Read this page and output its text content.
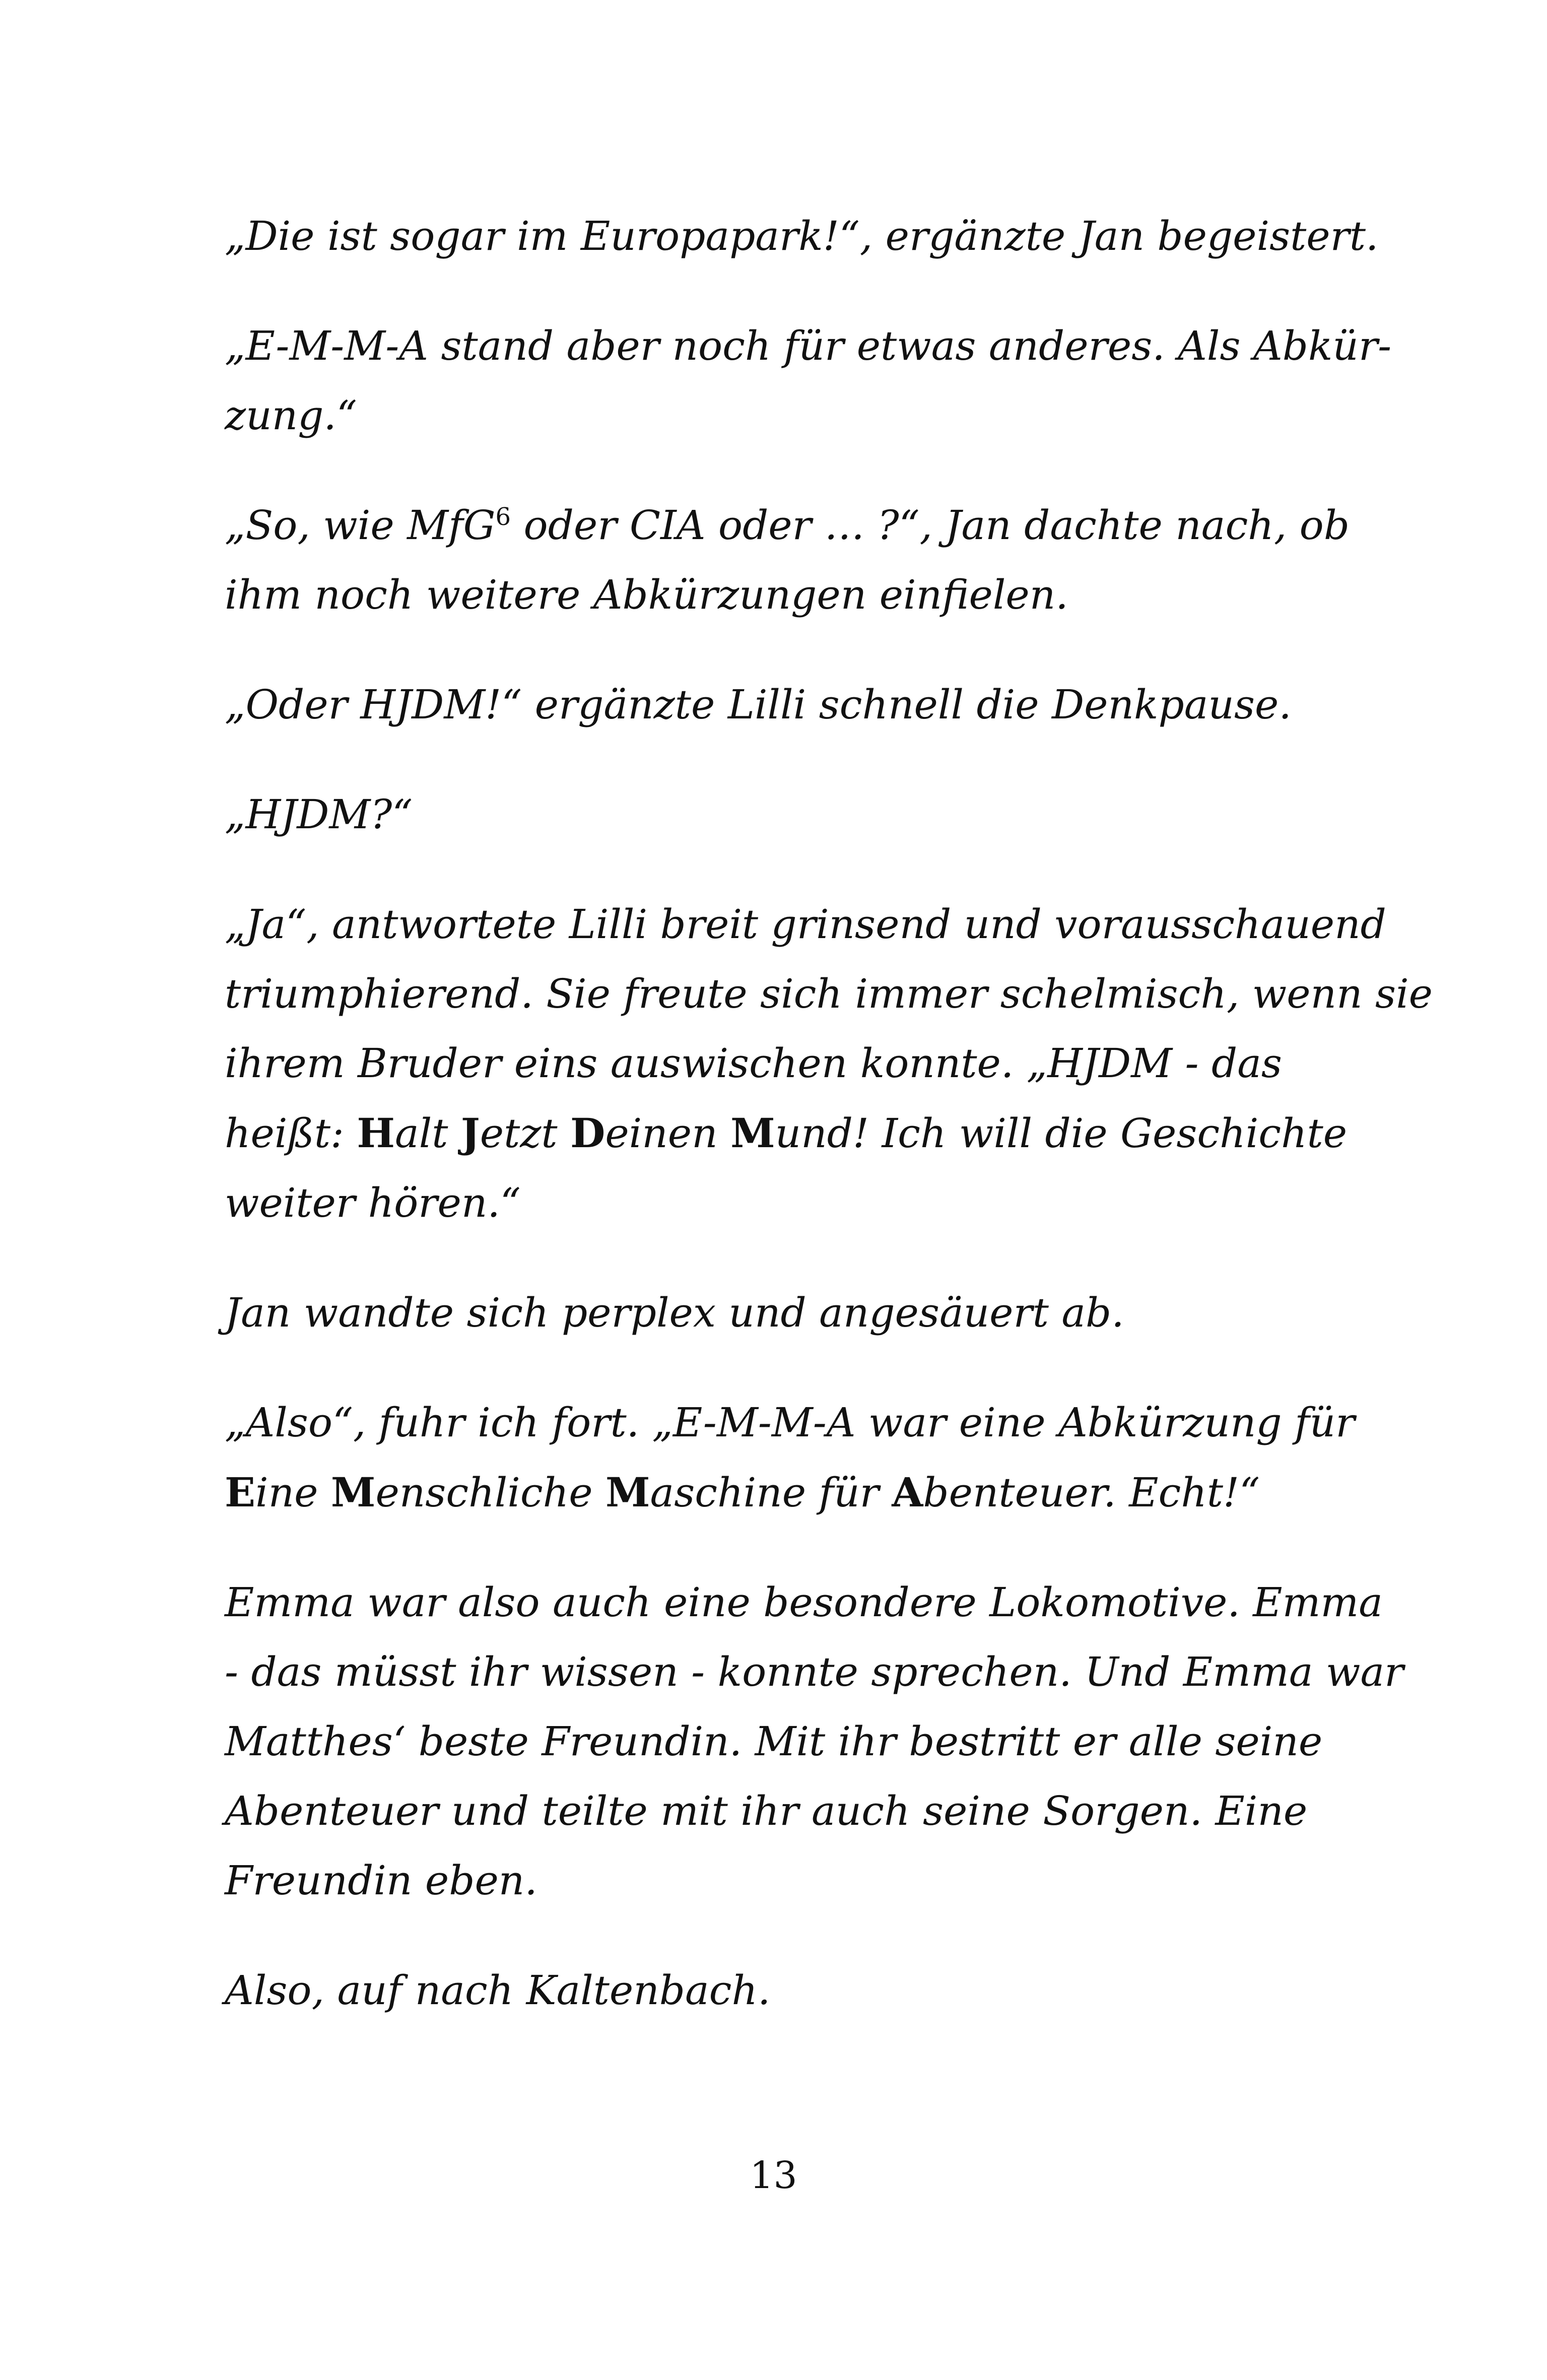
„Die ist sogar im Europapark!“, ergänzte Jan begeistert.

„E-M-M-A stand aber noch für etwas anderes. Als Abkür-
zung.“

„So, wie MfG$^6$ oder CIA oder … ?“, Jan dachte nach, ob
ihm noch weitere Abkürzungen einfielen.

„Oder HJDM!“ ergänzte Lilli schnell die Denkpause.

„HJDM?“

„Ja“, antwortete Lilli breit grinsend und vorausschauend
triumphierend. Sie freute sich immer schelmisch, wenn sie
ihrem Bruder eins auswischen konnte. „HJDM - das
heißt: Halt Jetzt Deinen Mund! Ich will die Geschichte
weiter hören.“

Jan wandte sich perplex und angesäuert ab.

„Also“, fuhr ich fort. „E-M-M-A war eine Abkürzung für
Eine Menschliche Maschine für Abenteuer. Echt!“

Emma war also auch eine besondere Lokomotive. Emma
- das müsst ihr wissen - konnte sprechen. Und Emma war
Matthes‘ beste Freundin. Mit ihr bestritt er alle seine
Abenteuer und teilte mit ihr auch seine Sorgen. Eine
Freundin eben.

Also, auf nach Kaltenbach.

13
